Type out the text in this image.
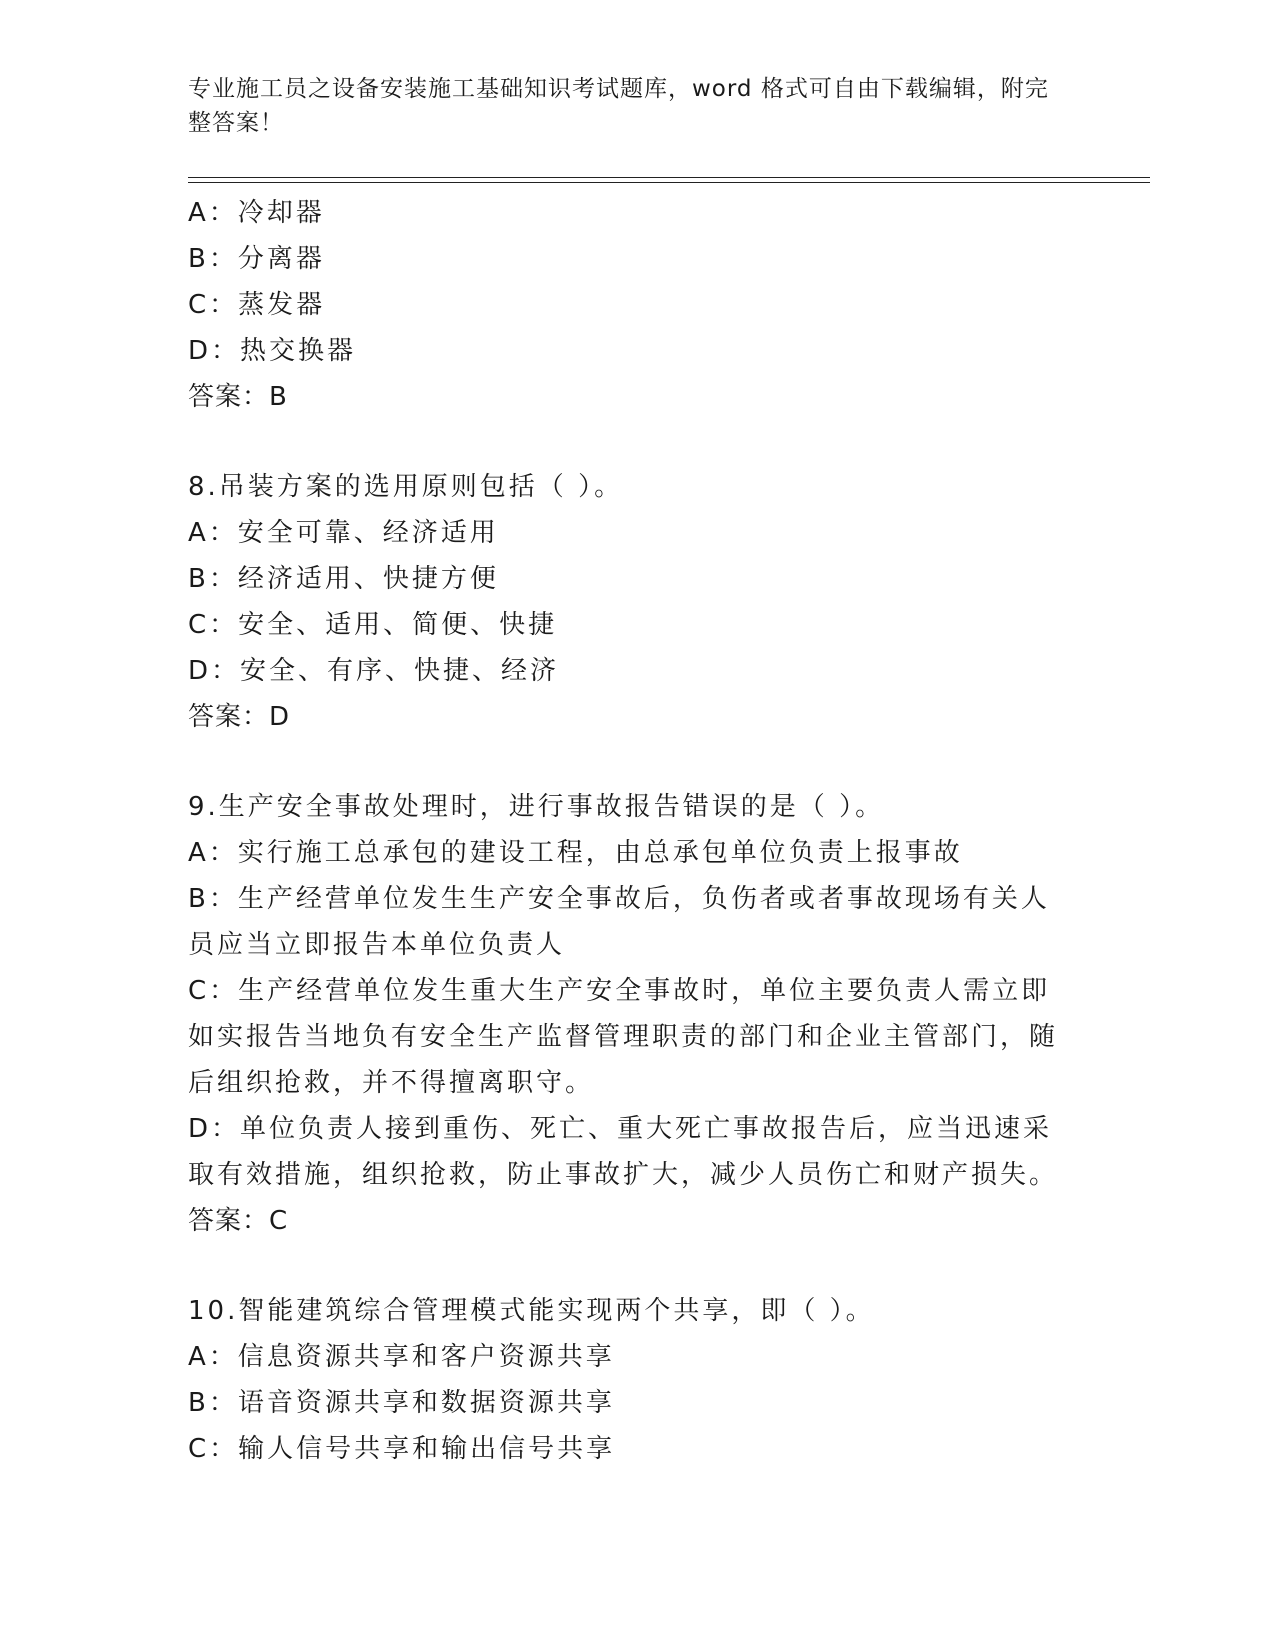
专业施工员之设备安装施工基础知识考试题库，word 格式可自由下载编辑，附完整答案！
A：冷却器
B：分离器
C：蒸发器
D：热交换器
答案：B
8.吊装方案的选用原则包括（ ）。
A：安全可靠、经济适用
B：经济适用、快捷方便
C：安全、适用、简便、快捷
D：安全、有序、快捷、经济
答案：D
9.生产安全事故处理时，进行事故报告错误的是（ ）。
A：实行施工总承包的建设工程，由总承包单位负责上报事故
B：生产经营单位发生生产安全事故后，负伤者或者事故现场有关人员应当立即报告本单位负责人
C：生产经营单位发生重大生产安全事故时，单位主要负责人需立即如实报告当地负有安全生产监督管理职责的部门和企业主管部门，随后组织抢救，并不得擅离职守。
D：单位负责人接到重伤、死亡、重大死亡事故报告后，应当迅速采取有效措施，组织抢救，防止事故扩大，减少人员伤亡和财产损失。
答案：C
10.智能建筑综合管理模式能实现两个共享，即（ ）。
A：信息资源共享和客户资源共享
B：语音资源共享和数据资源共享
C：输人信号共享和输出信号共享
